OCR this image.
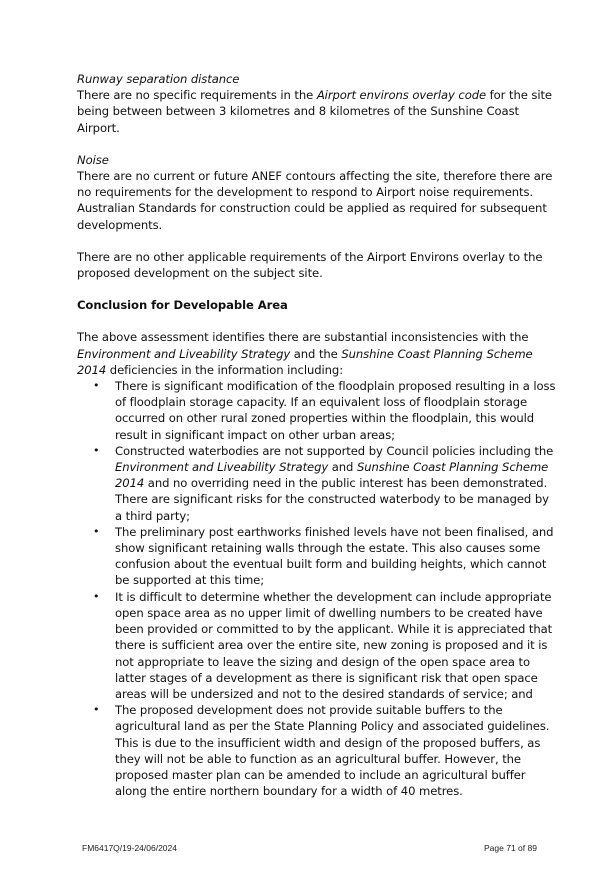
Runway separation distance

There are no specific requirements in the Airport environs overlay code for the site being between between 3 kilometres and 8 kilometres of the Sunshine Coast Airport.

Noise

There are no current or future ANEF contours affecting the site, therefore there are no requirements for the development to respond to Airport noise requirements. Australian Standards for construction could be applied as required for subsequent developments.

There are no other applicable requirements of the Airport Environs overlay to the proposed development on the subject site.

Conclusion for Developable Area

The above assessment identifies there are substantial inconsistencies with the Environment and Liveability Strategy and the Sunshine Coast Planning Scheme 2014 deficiencies in the information including:

• There is significant modification of the floodplain proposed resulting in a loss of floodplain storage capacity. If an equivalent loss of floodplain storage occurred on other rural zoned properties within the floodplain, this would result in significant impact on other urban areas;
• Constructed waterbodies are not supported by Council policies including the Environment and Liveability Strategy and Sunshine Coast Planning Scheme 2014 and no overriding need in the public interest has been demonstrated. There are significant risks for the constructed waterbody to be managed by a third party;
• The preliminary post earthworks finished levels have not been finalised, and show significant retaining walls through the estate. This also causes some confusion about the eventual built form and building heights, which cannot be supported at this time;
• It is difficult to determine whether the development can include appropriate open space area as no upper limit of dwelling numbers to be created have been provided or committed to by the applicant. While it is appreciated that there is sufficient area over the entire site, new zoning is proposed and it is not appropriate to leave the sizing and design of the open space area to latter stages of a development as there is significant risk that open space areas will be undersized and not to the desired standards of service; and
• The proposed development does not provide suitable buffers to the agricultural land as per the State Planning Policy and associated guidelines. This is due to the insufficient width and design of the proposed buffers, as they will not be able to function as an agricultural buffer. However, the proposed master plan can be amended to include an agricultural buffer along the entire northern boundary for a width of 40 metres.
FM6417Q/19-24/06/2024	Page 71 of 89
